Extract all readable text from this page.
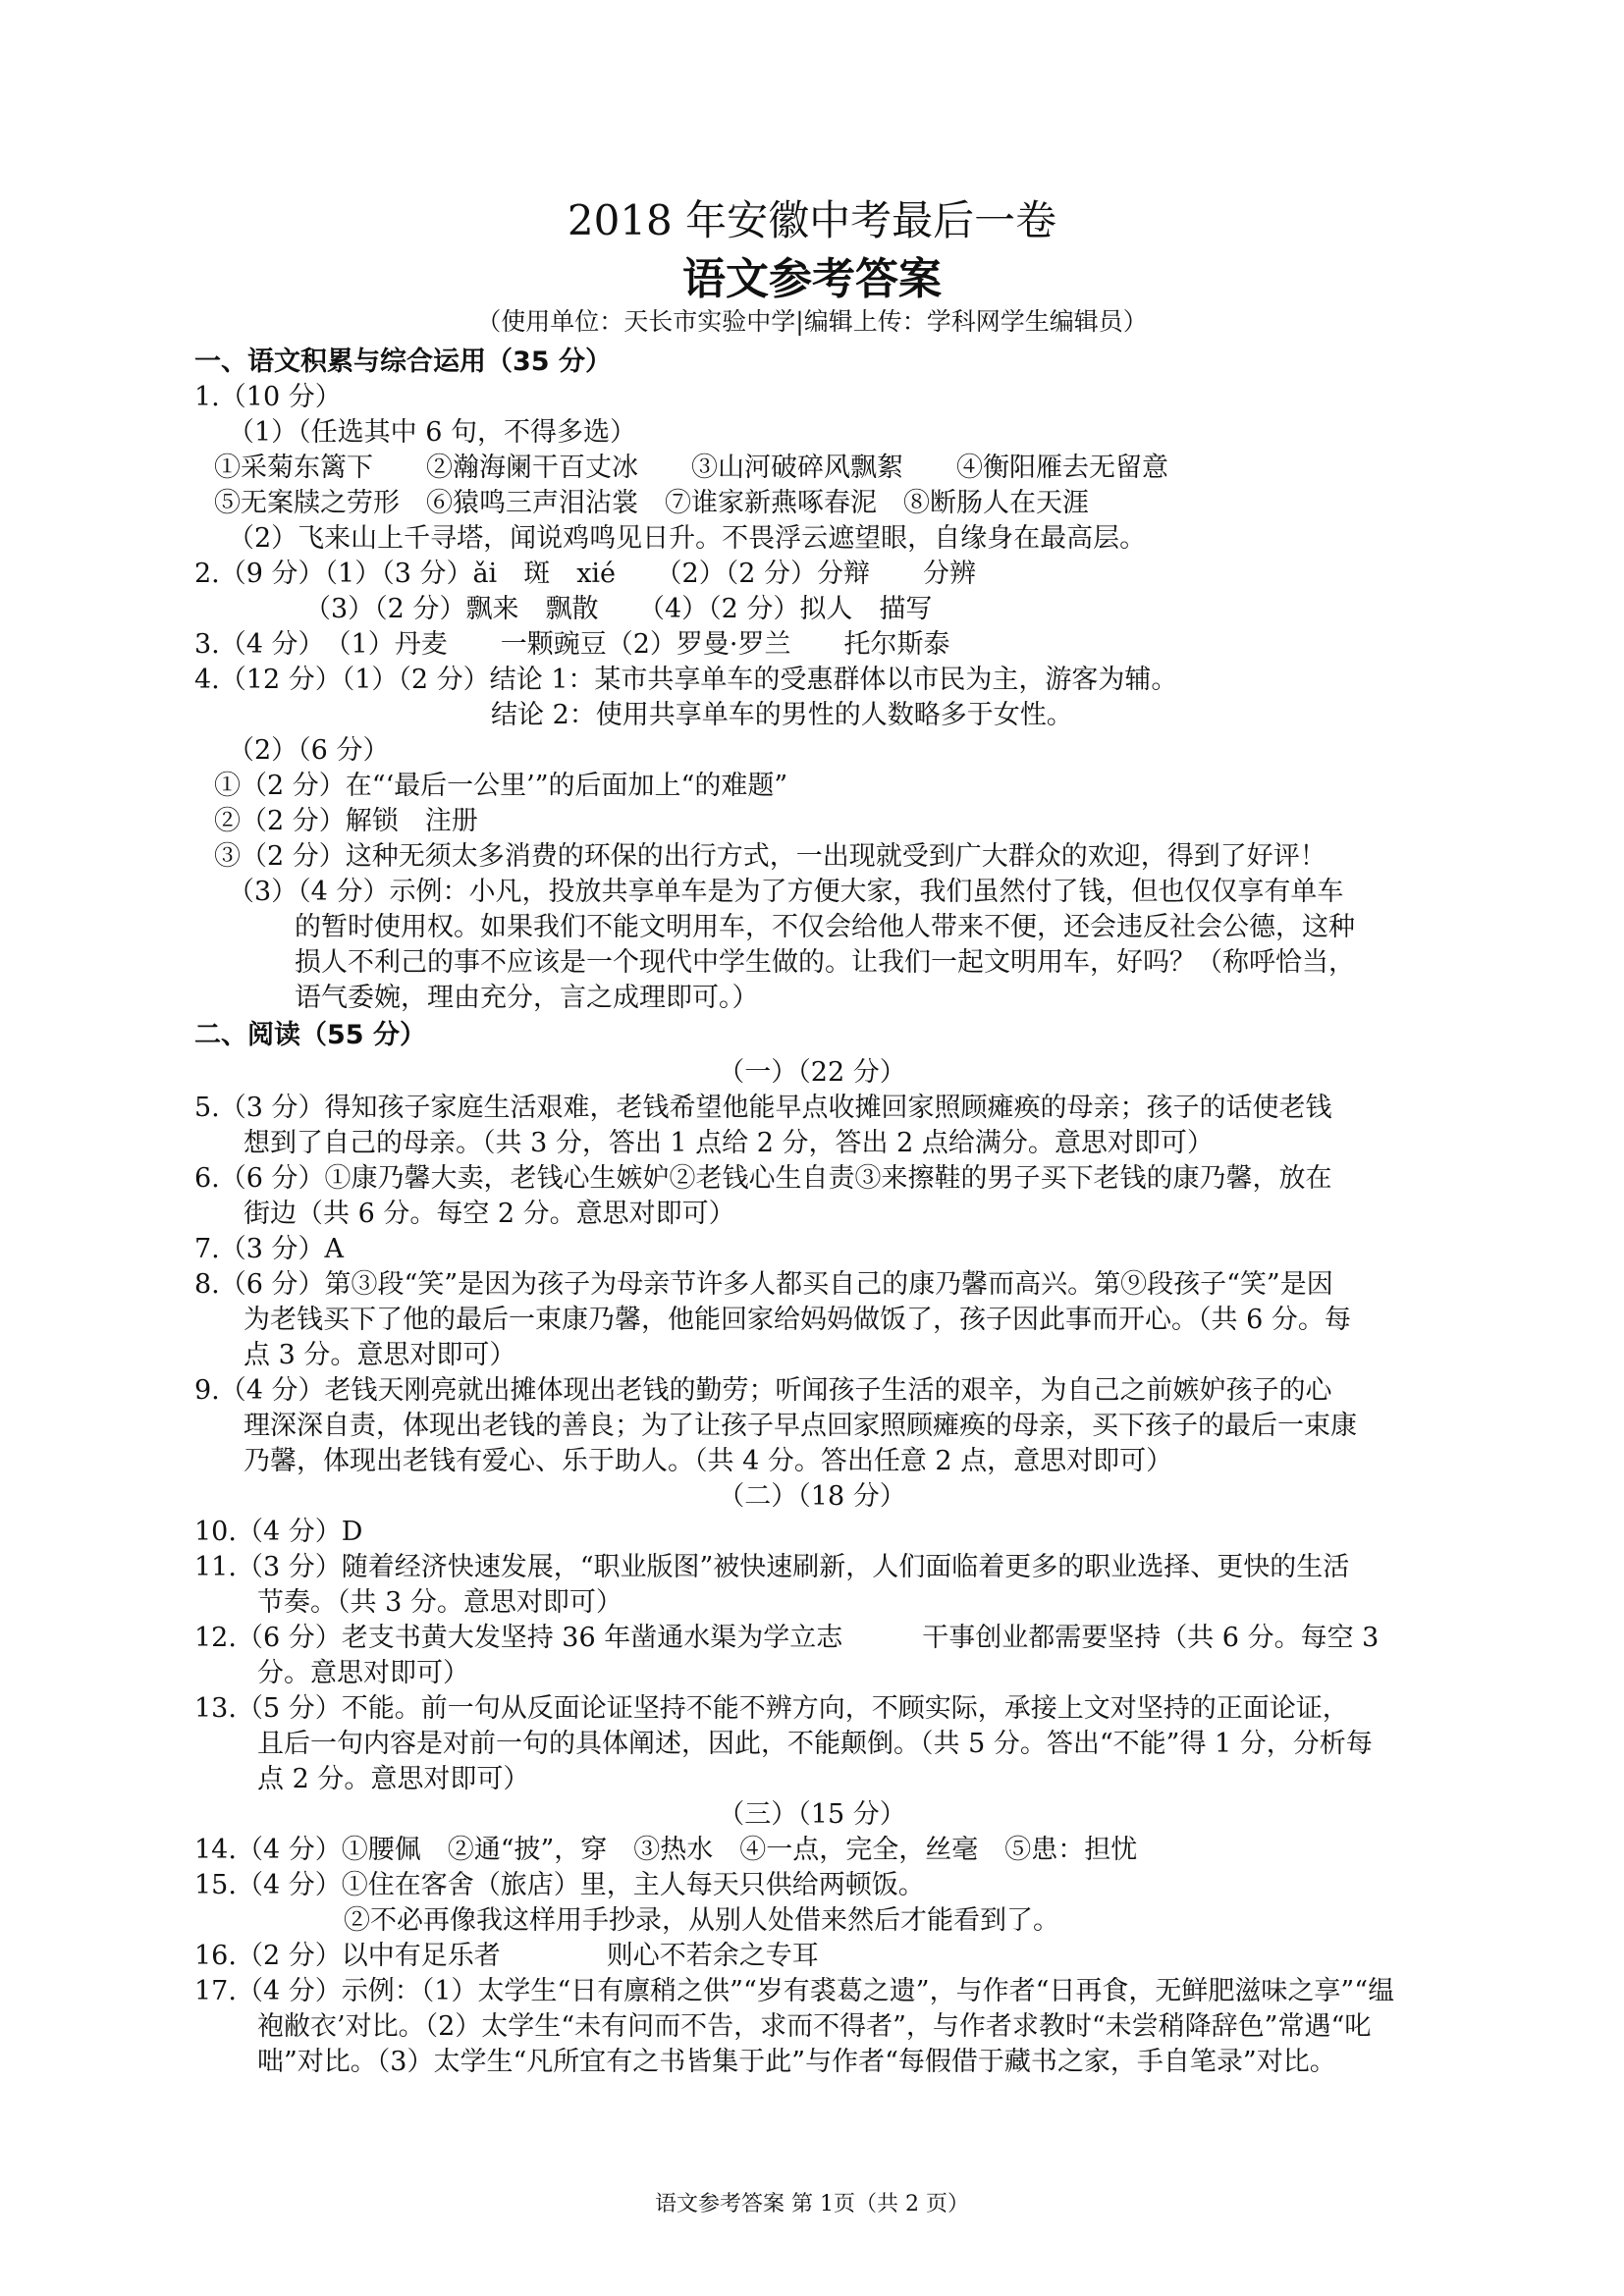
2018 年安徽中考最后一卷
语文参考答案
（使用单位：天长市实验中学|编辑上传：学科网学生编辑员）
一、语文积累与综合运用（35 分）
1.（10 分）
（1）（任选其中 6 句，不得多选）
①采菊东篱下　　②瀚海阑干百丈冰　　③山河破碎风飘絮　　④衡阳雁去无留意
⑤无案牍之劳形　⑥猿鸣三声泪沾裳　⑦谁家新燕啄春泥　⑧断肠人在天涯
（2）飞来山上千寻塔，闻说鸡鸣见日升。不畏浮云遮望眼，自缘身在最高层。
2.（9 分）（1）（3 分）ǎi　斑　xié　　（2）（2 分）分辩　　分辨
（3）（2 分）飘来　飘散　　（4）（2 分）拟人　描写
3.（4 分）　（1）丹麦　　一颗豌豆（2）罗曼·罗兰　　托尔斯泰
4.（12 分）（1）（2 分）结论 1：某市共享单车的受惠群体以市民为主，游客为辅。
结论 2：使用共享单车的男性的人数略多于女性。
（2）（6 分）
①（2 分）在“‘最后一公里’”的后面加上“的难题”
②（2 分）解锁　注册
③（2 分）这种无须太多消费的环保的出行方式，一出现就受到广大群众的欢迎，得到了好评！
（3）（4 分）示例：小凡，投放共享单车是为了方便大家，我们虽然付了钱，但也仅仅享有单车
的暂时使用权。如果我们不能文明用车，不仅会给他人带来不便，还会违反社会公德，这种
损人不利己的事不应该是一个现代中学生做的。让我们一起文明用车，好吗？（称呼恰当，
语气委婉，理由充分，言之成理即可。）
二、阅读（55 分）
（一）（22 分）
5.（3 分）得知孩子家庭生活艰难，老钱希望他能早点收摊回家照顾瘫痪的母亲；孩子的话使老钱
想到了自己的母亲。（共 3 分，答出 1 点给 2 分，答出 2 点给满分。意思对即可）
6.（6 分）①康乃馨大卖，老钱心生嫉妒②老钱心生自责③来擦鞋的男子买下老钱的康乃馨，放在
街边（共 6 分。每空 2 分。意思对即可）
7.（3 分）A
8.（6 分）第③段“笑”是因为孩子为母亲节许多人都买自己的康乃馨而高兴。第⑨段孩子“笑”是因
为老钱买下了他的最后一束康乃馨，他能回家给妈妈做饭了，孩子因此事而开心。（共 6 分。每
点 3 分。意思对即可）
9.（4 分）老钱天刚亮就出摊体现出老钱的勤劳；听闻孩子生活的艰辛，为自己之前嫉妒孩子的心
理深深自责，体现出老钱的善良；为了让孩子早点回家照顾瘫痪的母亲，买下孩子的最后一束康
乃馨，体现出老钱有爱心、乐于助人。（共 4 分。答出任意 2 点，意思对即可）
（二）（18 分）
10.（4 分）D
11.（3 分）随着经济快速发展，“职业版图”被快速刷新，人们面临着更多的职业选择、更快的生活
节奏。（共 3 分。意思对即可）
12.（6 分）老支书黄大发坚持 36 年凿通水渠为学立志　　　干事创业都需要坚持（共 6 分。每空 3
分。意思对即可）
13.（5 分）不能。前一句从反面论证坚持不能不辨方向，不顾实际，承接上文对坚持的正面论证，
且后一句内容是对前一句的具体阐述，因此，不能颠倒。（共 5 分。答出“不能”得 1 分，分析每
点 2 分。意思对即可）
（三）（15 分）
14.（4 分）①腰佩　②通“披”，穿　③热水　④一点，完全，丝毫　⑤患：担忧
15.（4 分）①住在客舍（旅店）里，主人每天只供给两顿饭。
②不必再像我这样用手抄录，从别人处借来然后才能看到了。
16.（2 分）以中有足乐者　　　　则心不若余之专耳
17.（4 分）示例：（1）太学生“日有廪稍之供”“岁有裘葛之遗”，与作者“日再食，无鲜肥滋味之享”“缊
袍敝衣’对比。（2）太学生“未有问而不告，求而不得者”，与作者求教时“未尝稍降辞色”常遇“叱
咄”对比。（3）太学生“凡所宜有之书皆集于此”与作者“每假借于藏书之家，手自笔录”对比。
语文参考答案 第 1页（共 2 页）
